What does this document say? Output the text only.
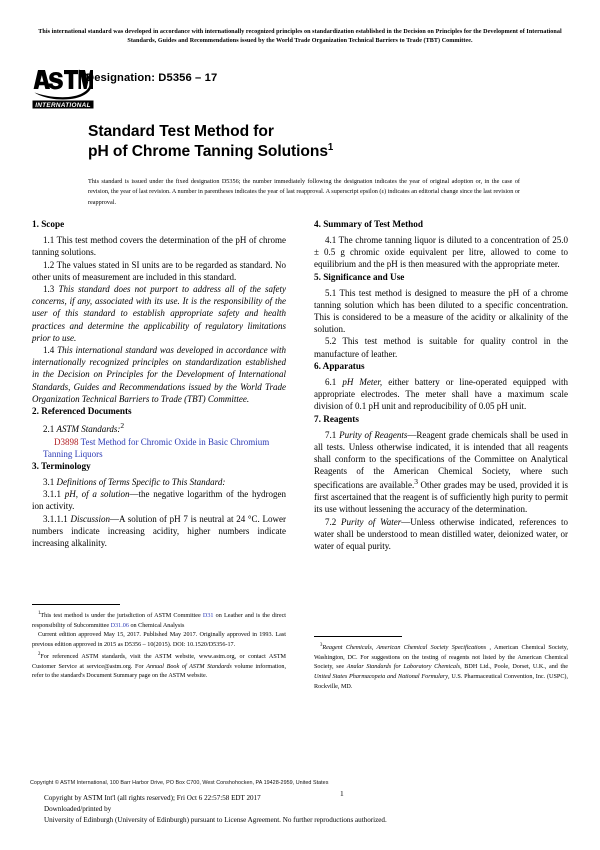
This international standard was developed in accordance with internationally recognized principles on standardization established in the Decision on Principles for the Development of International Standards, Guides and Recommendations issued by the World Trade Organization Technical Barriers to Trade (TBT) Committee.
INTERNATIONAL
Designation: D5356 – 17
Standard Test Method for
pH of Chrome Tanning Solutions$^1$
This standard is issued under the fixed designation D5356; the number immediately following the designation indicates the year of original adoption or, in the case of revision, the year of last revision. A number in parentheses indicates the year of last reapproval. A superscript epsilon (ε) indicates an editorial change since the last revision or reapproval.
1. Scope

1.1 This test method covers the determination of the pH of chrome tanning solutions.

1.2 The values stated in SI units are to be regarded as standard. No other units of measurement are included in this standard.

1.3 This standard does not purport to address all of the safety concerns, if any, associated with its use. It is the responsibility of the user of this standard to establish appropriate safety and health practices and determine the applicability of regulatory limitations prior to use.

1.4 This international standard was developed in accordance with internationally recognized principles on standardization established in the Decision on Principles for the Development of International Standards, Guides and Recommendations issued by the World Trade Organization Technical Barriers to Trade (TBT) Committee.

2. Referenced Documents

2.1 ASTM Standards:$^2$

D3898 Test Method for Chromic Oxide in Basic Chromium Tanning Liquors

3. Terminology

3.1 Definitions of Terms Specific to This Standard:

3.1.1 pH, of a solution—the negative logarithm of the hydrogen ion activity.

3.1.1.1 Discussion—A solution of pH 7 is neutral at 24 °C. Lower numbers indicate increasing acidity, higher numbers indicate increasing alkalinity.

$^1$This test method is under the jurisdiction of ASTM Committee D31 on Leather and is the direct responsibility of Subcommittee D31.06 on Chemical Analysis

Current edition approved May 15, 2017. Published May 2017. Originally approved in 1993. Last previous edition approved in 2015 as D5356 – 10(2015). DOI: 10.1520/D5356-17.

$^2$For referenced ASTM standards, visit the ASTM website, www.astm.org, or contact ASTM Customer Service at service@astm.org. For Annual Book of ASTM Standards volume information, refer to the standard's Document Summary page on the ASTM website.

4. Summary of Test Method

4.1 The chrome tanning liquor is diluted to a concentration of 25.0 ± 0.5 g chromic oxide equivalent per litre, allowed to come to equilibrium and the pH is then measured with the appropriate meter.

5. Significance and Use

5.1 This test method is designed to measure the pH of a chrome tanning solution which has been diluted to a specific concentration. This is considered to be a measure of the acidity or alkalinity of the solution.

5.2 This test method is suitable for quality control in the manufacture of leather.

6. Apparatus

6.1 pH Meter, either battery or line-operated equipped with appropriate electrodes. The meter shall have a maximum scale division of 0.1 pH unit and reproducibility of 0.05 pH unit.

7. Reagents

7.1 Purity of Reagents—Reagent grade chemicals shall be used in all tests. Unless otherwise indicated, it is intended that all reagents shall conform to the specifications of the Committee on Analytical Reagents of the American Chemical Society, where such specifications are available.$^3$ Other grades may be used, provided it is first ascertained that the reagent is of sufficiently high purity to permit its use without lessening the accuracy of the determination.

7.2 Purity of Water—Unless otherwise indicated, references to water shall be understood to mean distilled water, deionized water, or water of equal purity.

$^3$Reagent Chemicals, American Chemical Society Specifications , American Chemical Society, Washington, DC. For suggestions on the testing of reagents not listed by the American Chemical Society, see Analar Standards for Laboratory Chemicals, BDH Ltd., Poole, Dorset, U.K., and the United States Pharmacopeia and National Formulary, U.S. Pharmaceutical Convention, Inc. (USPC), Rockville, MD.

Copyright © ASTM International, 100 Barr Harbor Drive, PO Box C700, West Conshohocken, PA 19428-2959, United States
Copyright by ASTM Int'l (all rights reserved); Fri Oct 6 22:57:58 EDT 2017
Downloaded/printed by
University of Edinburgh (University of Edinburgh) pursuant to License Agreement. No further reproductions authorized.
1
